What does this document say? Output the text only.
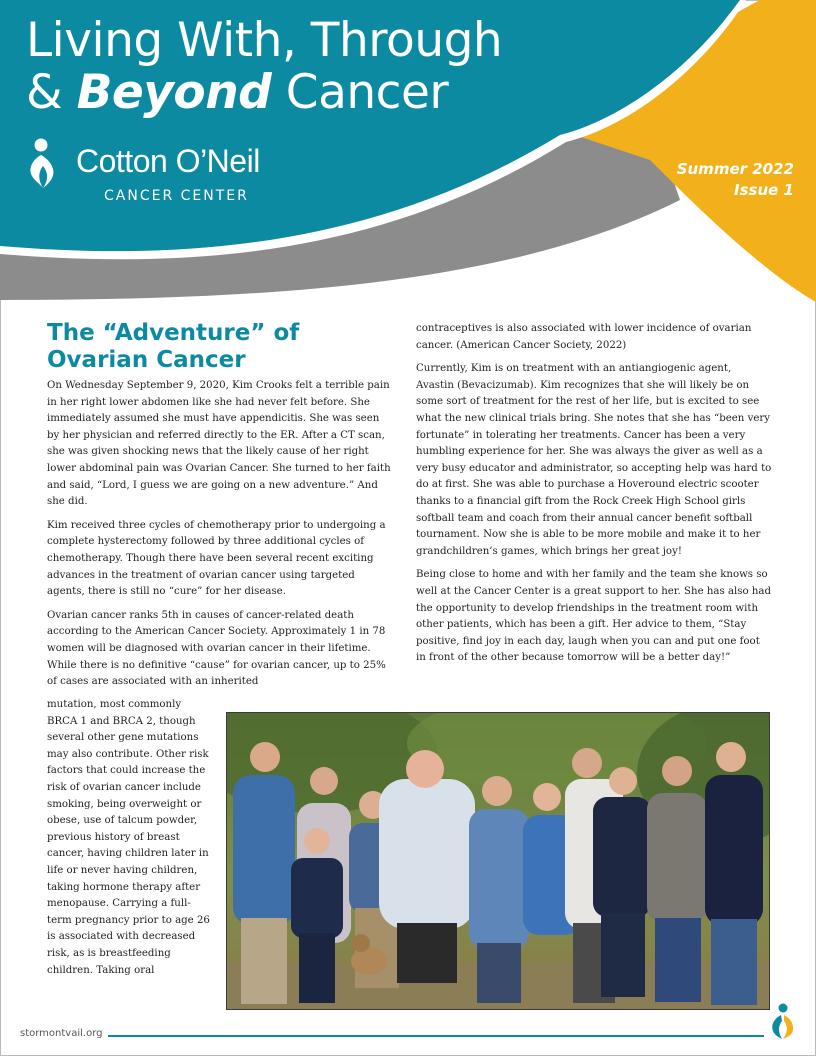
Living With, Through
& Beyond Cancer
Cotton O’Neil
CANCER CENTER
Summer 2022
Issue 1
The “Adventure” of
Ovarian Cancer

On Wednesday September 9, 2020, Kim Crooks felt a terrible pain in her right lower abdomen like she had never felt before. She immediately assumed she must have appendicitis. She was seen by her physician and referred directly to the ER. After a CT scan, she was given shocking news that the likely cause of her right lower abdominal pain was Ovarian Cancer. She turned to her faith and said, “Lord, I guess we are going on a new adventure.” And she did.

Kim received three cycles of chemotherapy prior to undergoing a complete hysterectomy followed by three additional cycles of chemotherapy. Though there have been several recent exciting advances in the treatment of ovarian cancer using targeted agents, there is still no “cure” for her disease.

Ovarian cancer ranks 5th in causes of cancer-related death according to the American Cancer Society. Approximately 1 in 78 women will be diagnosed with ovarian cancer in their lifetime. While there is no definitive “cause” for ovarian cancer, up to 25% of cases are associated with an inherited

mutation, most commonly BRCA 1 and BRCA 2, though several other gene mutations may also contribute. Other risk factors that could increase the risk of ovarian cancer include smoking, being overweight or obese, use of talcum powder, previous history of breast cancer, having children later in life or never having children, taking hormone therapy after menopause. Carrying a full-term pregnancy prior to age 26 is associated with decreased risk, as is breastfeeding children. Taking oral

contraceptives is also associated with lower incidence of ovarian cancer. (American Cancer Society, 2022)

Currently, Kim is on treatment with an antiangiogenic agent, Avastin (Bevacizumab). Kim recognizes that she will likely be on some sort of treatment for the rest of her life, but is excited to see what the new clinical trials bring. She notes that she has “been very fortunate” in tolerating her treatments. Cancer has been a very humbling experience for her. She was always the giver as well as a very busy educator and administrator, so accepting help was hard to do at first. She was able to purchase a Hoveround electric scooter thanks to a financial gift from the Rock Creek High School girls softball team and coach from their annual cancer benefit softball tournament. Now she is able to be more mobile and make it to her grandchildren’s games, which brings her great joy!

Being close to home and with her family and the team she knows so well at the Cancer Center is a great support to her. She has also had the opportunity to develop friendships in the treatment room with other patients, which has been a gift. Her advice to them, “Stay positive, find joy in each day, laugh when you can and put one foot in front of the other because tomorrow will be a better day!”

stormontvail.org
